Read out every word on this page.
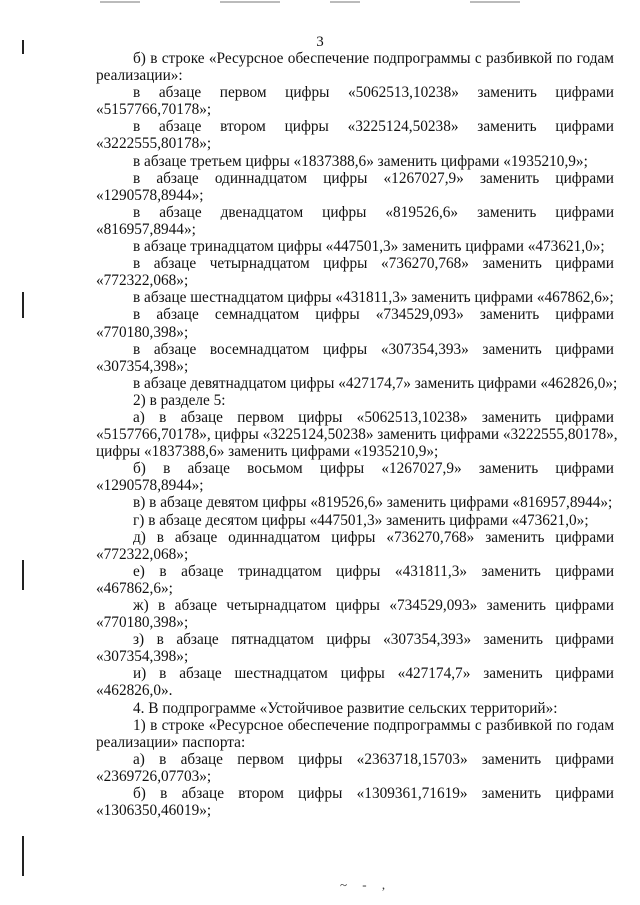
3
б) в строке «Ресурсное обеспечение подпрограммы с разбивкой по годам
реализации»:
в абзаце первом цифры «5062513,10238» заменить цифрами
«5157766,70178»;
в абзаце втором цифры «3225124,50238» заменить цифрами
«3222555,80178»;
в абзаце третьем цифры «1837388,6» заменить цифрами «1935210,9»;
в абзаце одиннадцатом цифры «1267027,9» заменить цифрами
«1290578,8944»;
в абзаце двенадцатом цифры «819526,6» заменить цифрами
«816957,8944»;
в абзаце тринадцатом цифры «447501,3» заменить цифрами «473621,0»;
в абзаце четырнадцатом цифры «736270,768» заменить цифрами
«772322,068»;
в абзаце шестнадцатом цифры «431811,3» заменить цифрами «467862,6»;
в абзаце семнадцатом цифры «734529,093» заменить цифрами
«770180,398»;
в абзаце восемнадцатом цифры «307354,393» заменить цифрами
«307354,398»;
в абзаце девятнадцатом цифры «427174,7» заменить цифрами «462826,0»;
2) в разделе 5:
а) в абзаце первом цифры «5062513,10238» заменить цифрами
«5157766,70178», цифры «3225124,50238» заменить цифрами «3222555,80178»,
цифры «1837388,6» заменить цифрами «1935210,9»;
б) в абзаце восьмом цифры «1267027,9» заменить цифрами
«1290578,8944»;
в) в абзаце девятом цифры «819526,6» заменить цифрами «816957,8944»;
г) в абзаце десятом цифры «447501,3» заменить цифрами «473621,0»;
д) в абзаце одиннадцатом цифры «736270,768» заменить цифрами
«772322,068»;
е) в абзаце тринадцатом цифры «431811,3» заменить цифрами
«467862,6»;
ж) в абзаце четырнадцатом цифры «734529,093» заменить цифрами
«770180,398»;
з) в абзаце пятнадцатом цифры «307354,393» заменить цифрами
«307354,398»;
и) в абзаце шестнадцатом цифры «427174,7» заменить цифрами
«462826,0».
4. В подпрограмме «Устойчивое развитие сельских территорий»:
1) в строке «Ресурсное обеспечение подпрограммы с разбивкой по годам
реализации» паспорта:
а) в абзаце первом цифры «2363718,15703» заменить цифрами
«2369726,07703»;
б) в абзаце втором цифры «1309361,71619» заменить цифрами
«1306350,46019»;
~ ‑ ,
